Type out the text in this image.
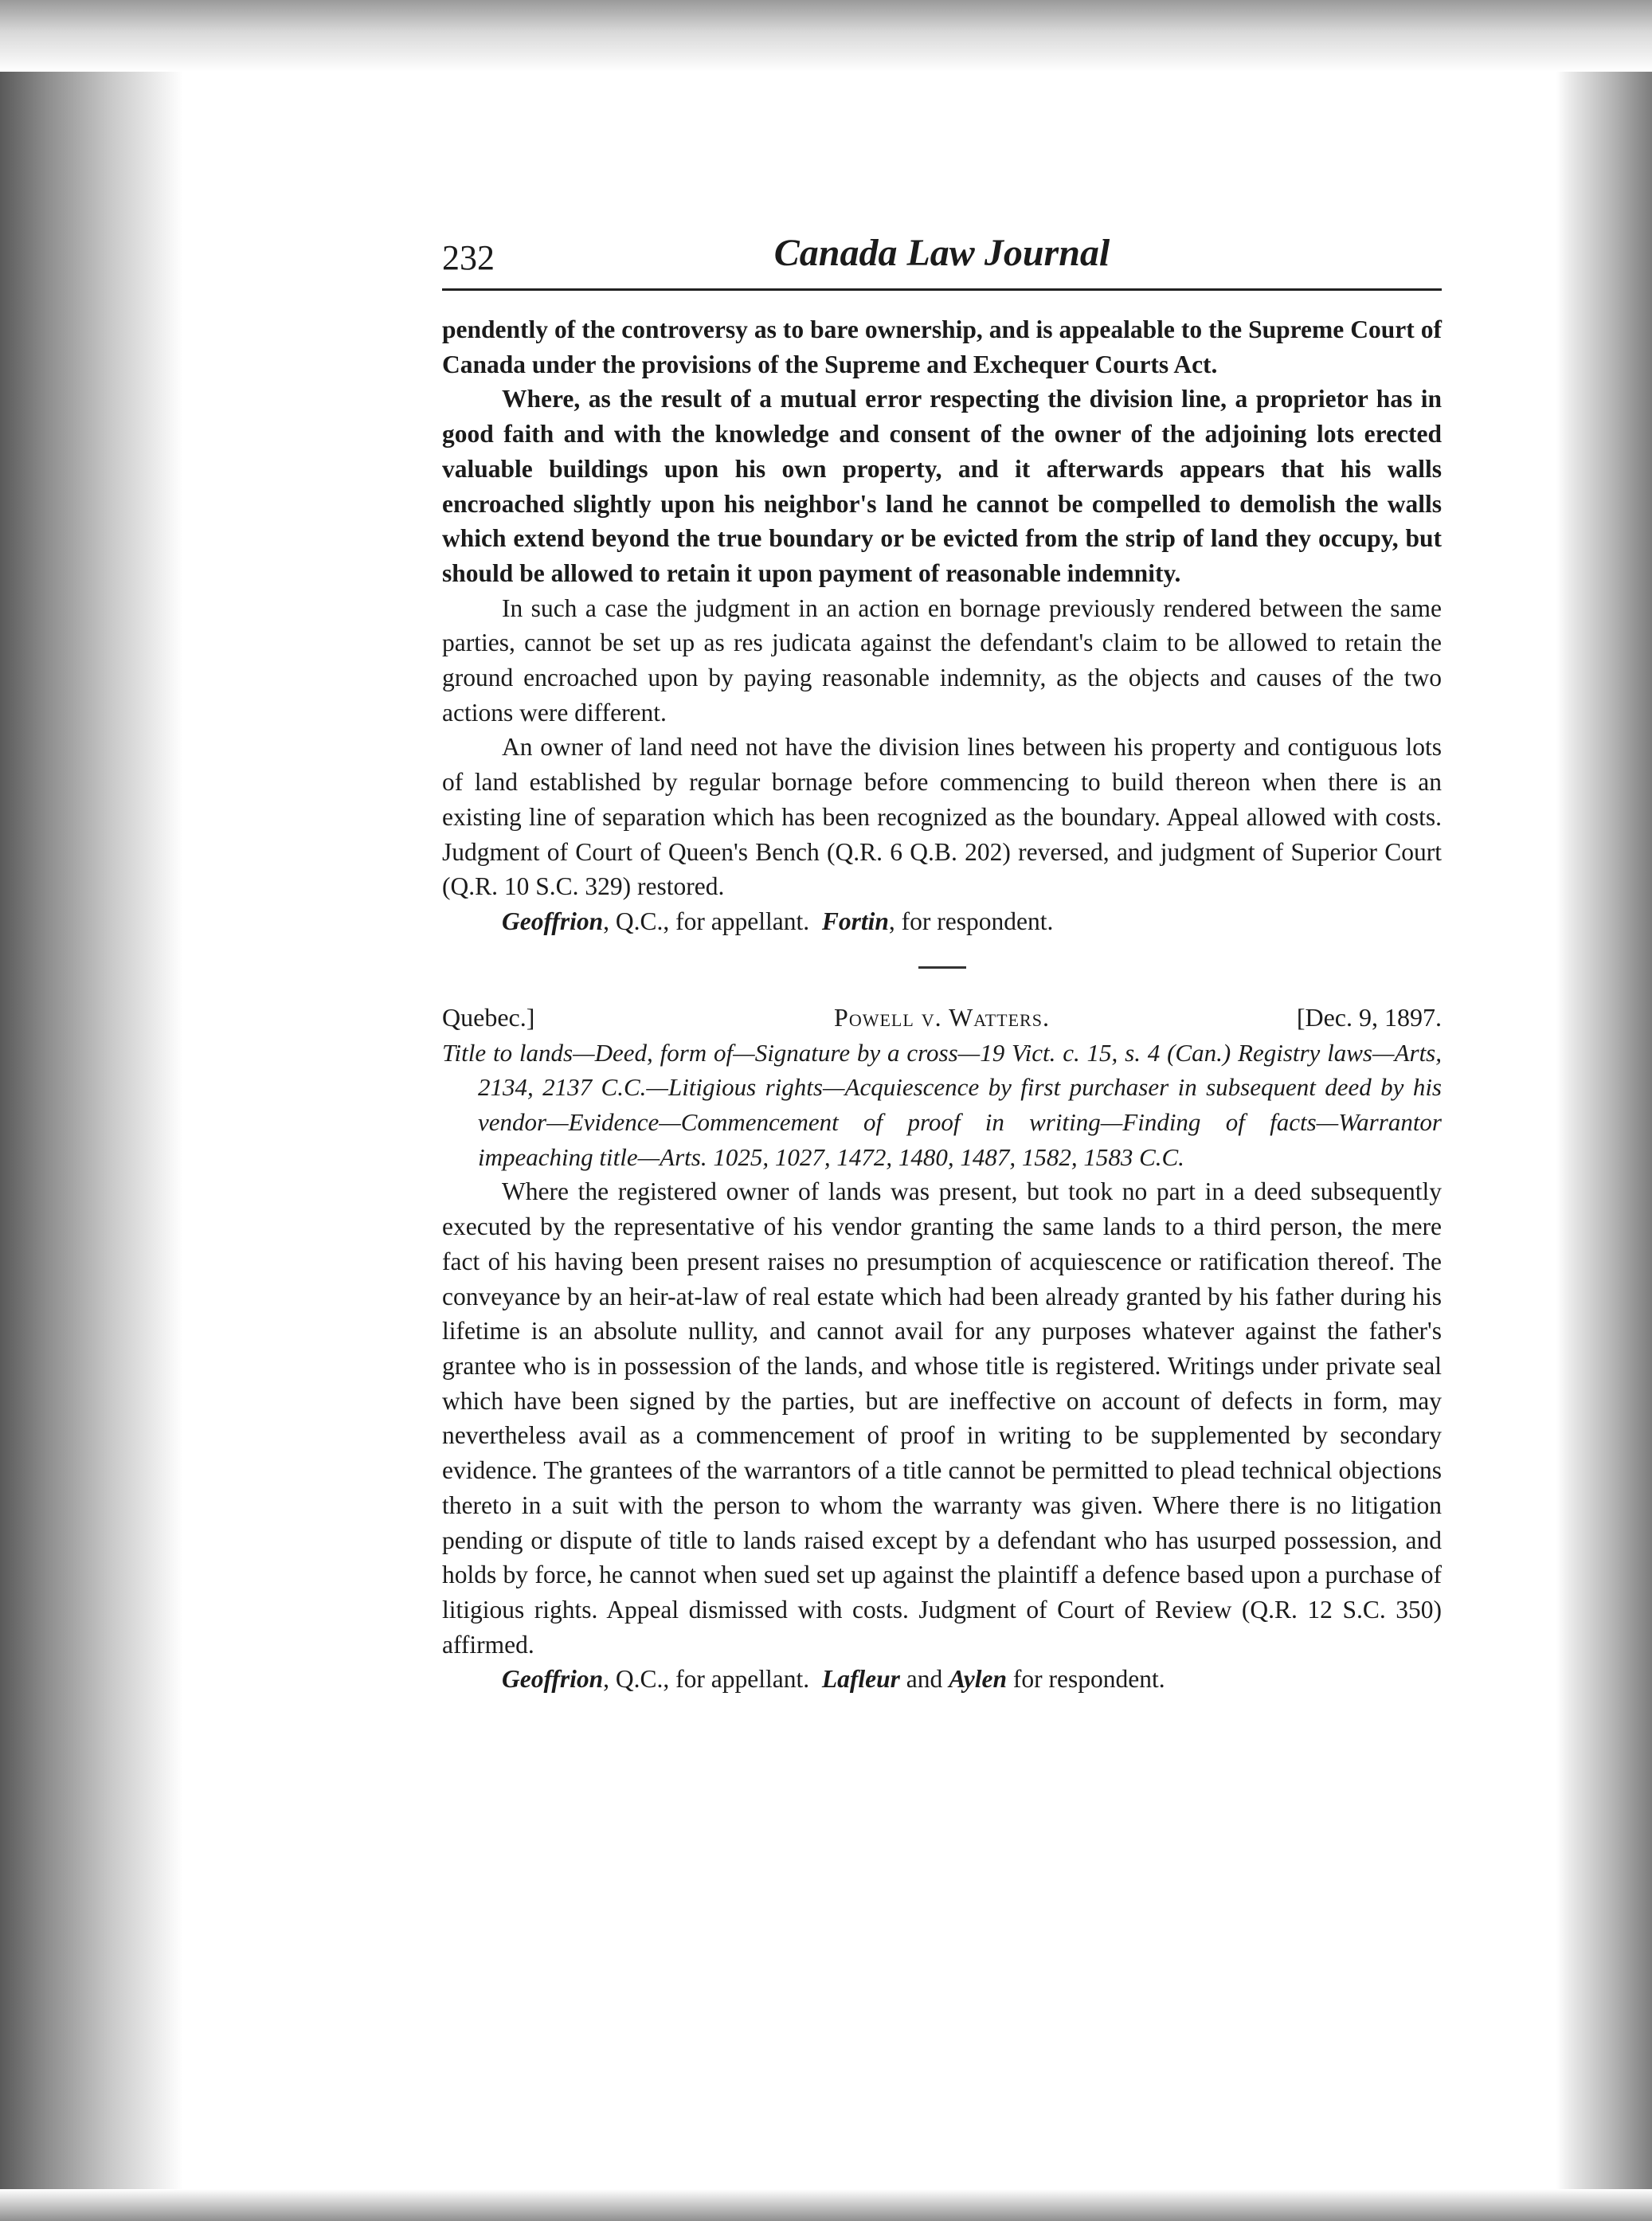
232	Canada Law Journal

pendently of the controversy as to bare ownership, and is appealable to the Supreme Court of Canada under the provisions of the Supreme and Exchequer Courts Act.

Where, as the result of a mutual error respecting the division line, a proprietor has in good faith and with the knowledge and consent of the owner of the adjoining lots erected valuable buildings upon his own property, and it afterwards appears that his walls encroached slightly upon his neighbor's land he cannot be compelled to demolish the walls which extend beyond the true boundary or be evicted from the strip of land they occupy, but should be allowed to retain it upon payment of reasonable indemnity.

In such a case the judgment in an action en bornage previously rendered between the same parties, cannot be set up as res judicata against the defendant's claim to be allowed to retain the ground encroached upon by paying reasonable indemnity, as the objects and causes of the two actions were different.

An owner of land need not have the division lines between his property and contiguous lots of land established by regular bornage before commencing to build thereon when there is an existing line of separation which has been recognized as the boundary. Appeal allowed with costs. Judgment of Court of Queen's Bench (Q.R. 6 Q.B. 202) reversed, and judgment of Superior Court (Q.R. 10 S.C. 329) restored.

Geoffrion, Q.C., for appellant. Fortin, for respondent.

Quebec.]	Powell v. Watters.	[Dec. 9, 1897.

Title to lands—Deed, form of—Signature by a cross—19 Vict. c. 15, s. 4 (Can.) Registry laws—Arts, 2134, 2137 C.C.—Litigious rights—Acquiescence by first purchaser in subsequent deed by his vendor—Evidence—Commencement of proof in writing—Finding of facts—Warrantor impeaching title—Arts. 1025, 1027, 1472, 1480, 1487, 1582, 1583 C.C.

Where the registered owner of lands was present, but took no part in a deed subsequently executed by the representative of his vendor granting the same lands to a third person, the mere fact of his having been present raises no presumption of acquiescence or ratification thereof. The conveyance by an heir-at-law of real estate which had been already granted by his father during his lifetime is an absolute nullity, and cannot avail for any purposes whatever against the father's grantee who is in possession of the lands, and whose title is registered. Writings under private seal which have been signed by the parties, but are ineffective on account of defects in form, may nevertheless avail as a commencement of proof in writing to be supplemented by secondary evidence. The grantees of the warrantors of a title cannot be permitted to plead technical objections thereto in a suit with the person to whom the warranty was given. Where there is no litigation pending or dispute of title to lands raised except by a defendant who has usurped possession, and holds by force, he cannot when sued set up against the plaintiff a defence based upon a purchase of litigious rights. Appeal dismissed with costs. Judgment of Court of Review (Q.R. 12 S.C. 350) affirmed.

Geoffrion, Q.C., for appellant. Lafleur and Aylen for respondent.
